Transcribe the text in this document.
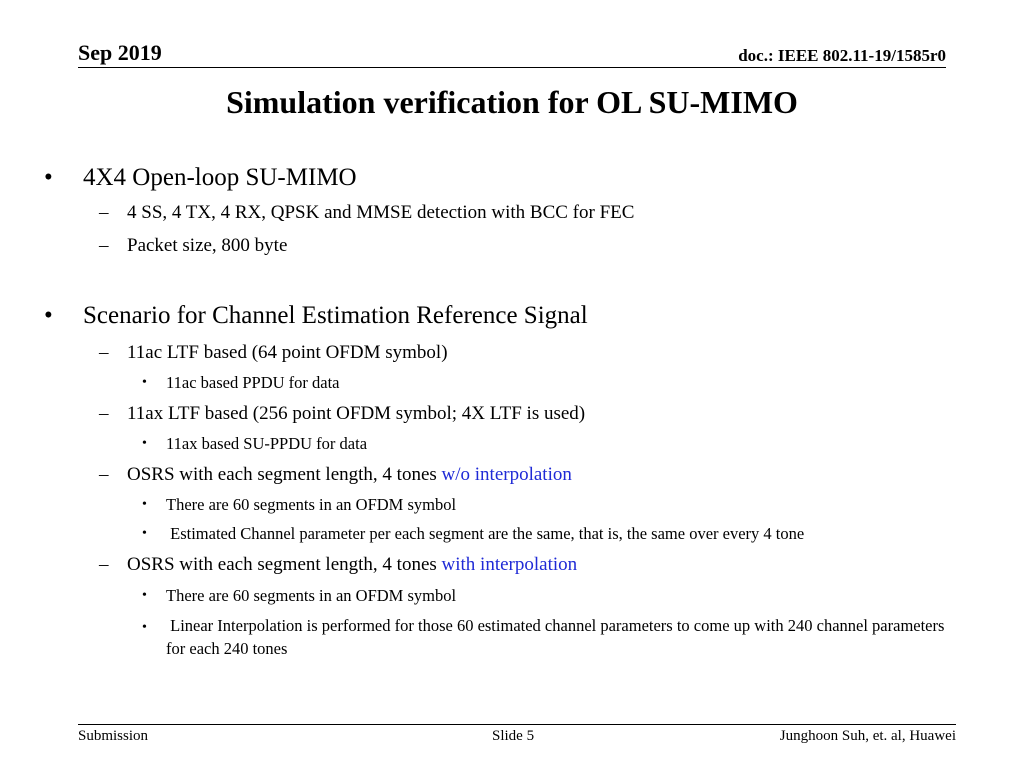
Sep 2019	doc.: IEEE 802.11-19/1585r0
Simulation verification for OL SU-MIMO
• 4X4 Open-loop SU-MIMO
– 4 SS, 4 TX, 4 RX, QPSK and MMSE detection with BCC for FEC
– Packet size, 800 byte
• Scenario for Channel Estimation Reference Signal
– 11ac LTF based (64 point OFDM symbol)
• 11ac based PPDU for data
– 11ax LTF based (256 point OFDM symbol; 4X LTF is used)
• 11ax based SU-PPDU for data
– OSRS with each segment length, 4 tones w/o interpolation
• There are 60 segments in an OFDM symbol
• Estimated Channel parameter per each segment are the same, that is, the same over every 4 tone
– OSRS with each segment length, 4 tones with interpolation
• There are 60 segments in an OFDM symbol
• Linear Interpolation is performed for those 60 estimated channel parameters to come up with 240 channel parameters for each 240 tones
Submission	Slide 5	Junghoon Suh, et. al, Huawei
